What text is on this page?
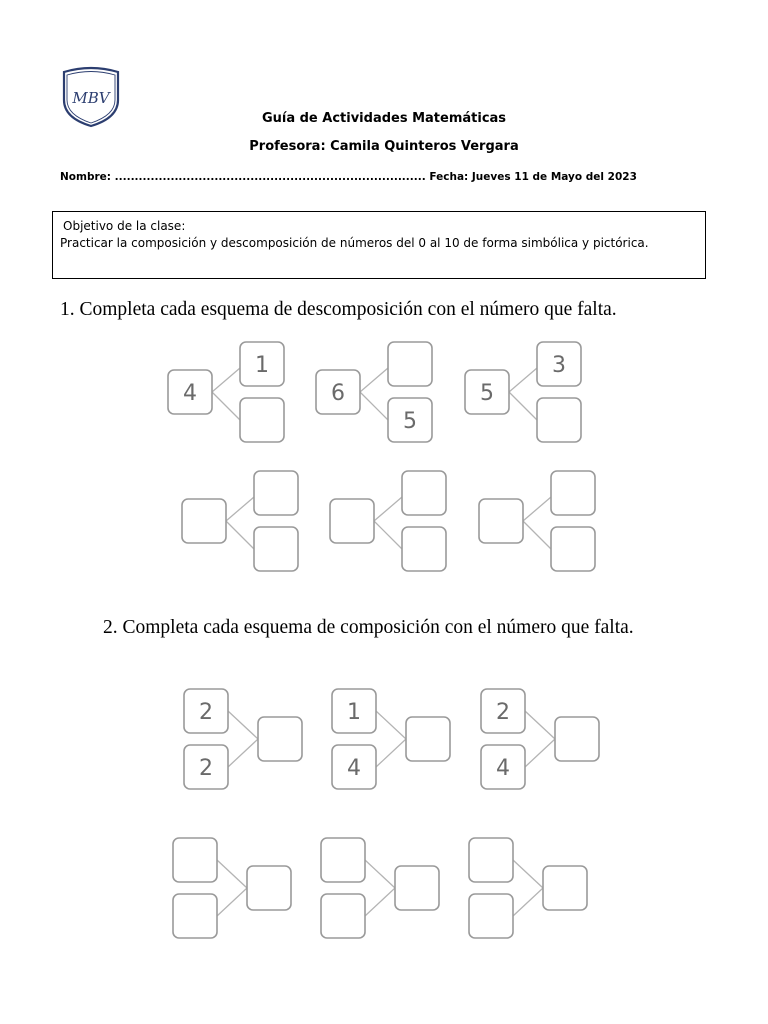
MBV
Guía de Actividades Matemáticas
Profesora: Camila Quinteros Vergara
Nombre: .............................................................................. Fecha: Jueves 11 de Mayo del 2023
Objetivo de la clase:
Practicar la composición y descomposición de números del 0 al 10 de forma simbólica y pictórica.
1. Completa cada esquema de descomposición con el número que falta.
4
1
6
5
5
3
2. Completa cada esquema de composición con el número que falta.
2
2
1
4
2
4
